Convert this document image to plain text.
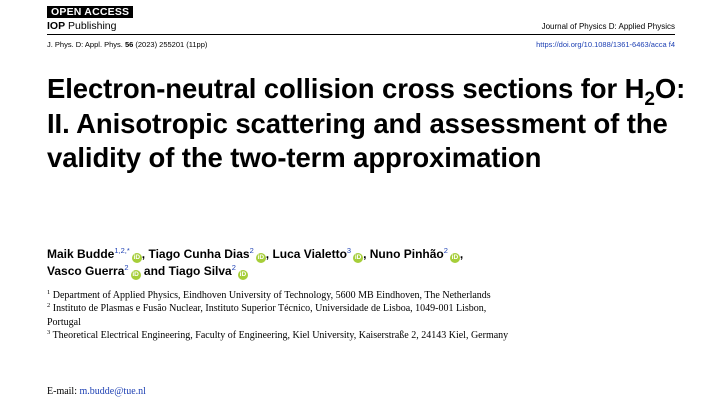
OPEN ACCESS
IOP Publishing	Journal of Physics D: Applied Physics
J. Phys. D: Appl. Phys. 56 (2023) 255201 (11pp)	https://doi.org/10.1088/1361-6463/acca f4
Electron-neutral collision cross sections for $H_2O$: II. Anisotropic scattering and assessment of the validity of the two-term approximation
Maik Budde$^{1,2,*}$iD , Tiago Cunha Dias$^2$iD , Luca Vialetto$^3$iD , Nuno Pinhão$^2$iD ,
Vasco Guerra$^2$iD and Tiago Silva$^2$iD

$^1$ Department of Applied Physics, Eindhoven University of Technology, 5600 MB Eindhoven, The Netherlands

$^2$ Instituto de Plasmas e Fusão Nuclear, Instituto Superior Técnico, Universidade de Lisboa, 1049-001 Lisbon, Portugal

$^3$ Theoretical Electrical Engineering, Faculty of Engineering, Kiel University, Kaiserstraße 2, 24143 Kiel, Germany

E-mail: m.budde@tue.nl
